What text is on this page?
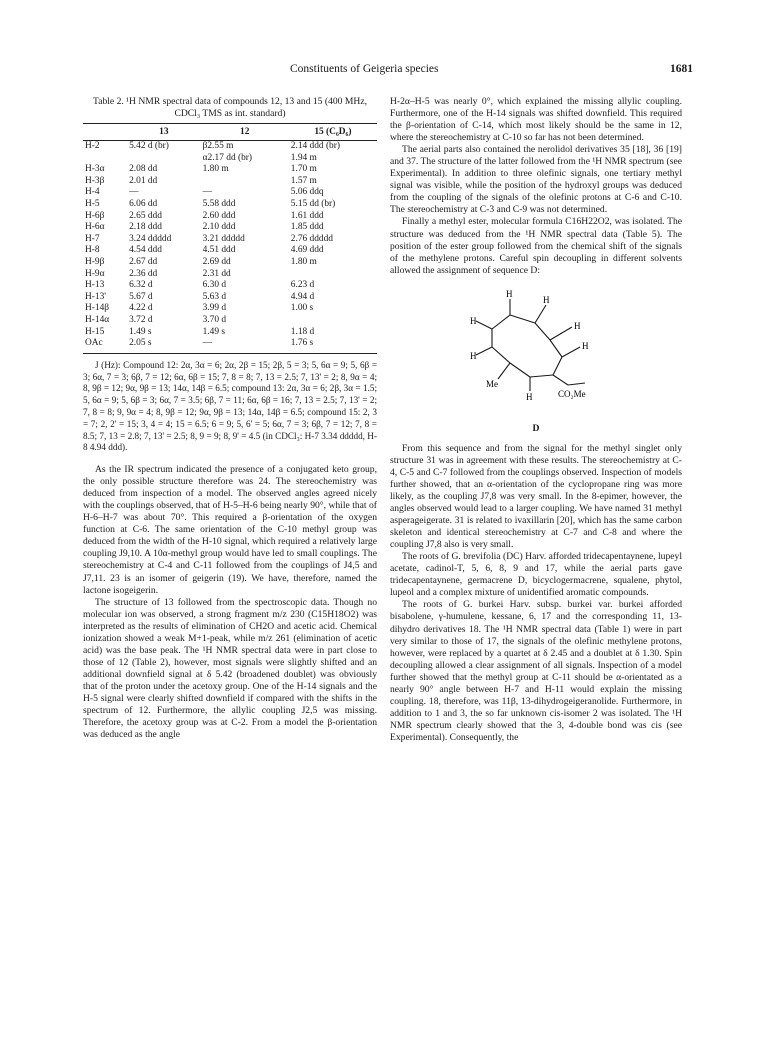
Constituents of Geigeria species	1681
Table 2. ¹H NMR spectral data of compounds 12, 13 and 15 (400 MHz, CDCl₃ TMS as int. standard)
	13	12	15 (C₆D₆)
H-2	5.42 d (br)	β2.55 m	2.14 ddd (br)
		α2.17 dd (br)	1.94 m
H-3α	2.08 dd	1.80 m	1.70 m
H-3β	2.01 dd		1.57 m
H-4	—	—	5.06 ddq
H-5	6.06 dd	5.58 ddd	5.15 dd (br)
H-6β	2.65 ddd	2.60 ddd	1.61 ddd
H-6α	2.18 ddd	2.10 ddd	1.85 ddd
H-7	3.24 ddddd	3.21 ddddd	2.76 ddddd
H-8	4.54 ddd	4.51 ddd	4.69 ddd
H-9β	2.67 dd	2.69 dd	1.80 m
H-9α	2.36 dd	2.31 dd	
H-13	6.32 d	6.30 d	6.23 d
H-13'	5.67 d	5.63 d	4.94 d
H-14β	4.22 d	3.99 d	1.00 s
H-14α	3.72 d	3.70 d	
H-15	1.49 s	1.49 s	1.18 d
OAc	2.05 s	—	1.76 s
J (Hz): Compound 12: 2α, 3α = 6; 2α, 2β = 15; 2β, 5 = 3; 5, 6α = 9; 5, 6β = 3; 6α, 7 = 3; 6β, 7 = 12; 6α, 6β = 15; 7, 8 = 8; 7, 13 = 2.5; 7, 13' = 2; 8, 9α = 4; 8, 9β = 12; 9α, 9β = 13; 14α, 14β = 6.5; compound 13: 2α, 3α = 6; 2β, 3α = 1.5; 5, 6α = 9; 5, 6β = 3; 6α, 7 = 3.5; 6β, 7 = 11; 6α, 6β = 16; 7, 13 = 2.5; 7, 13' = 2; 7, 8 = 8; 9, 9α = 4; 8, 9β = 12; 9α, 9β = 13; 14α, 14β = 6.5; compound 15: 2, 3 = 7; 2, 2' = 15; 3, 4 = 4; 15 = 6.5; 6 = 9; 5, 6' = 5; 6α, 7 = 3; 6β, 7 = 12; 7, 8 = 8.5; 7, 13 = 2.8; 7, 13' = 2.5; 8, 9 = 9; 8, 9' = 4.5 (in CDCl₃: H-7 3.34 ddddd, H-8 4.94 ddd).

As the IR spectrum indicated the presence of a conjugated keto group, the only possible structure therefore was 24. The stereochemistry was deduced from inspection of a model. The observed angles agreed nicely with the couplings observed, that of H-5–H-6 being nearly 90°, while that of H-6–H-7 was about 70°. This required a β-orientation of the oxygen function at C-6. The same orientation of the C-10 methyl group was deduced from the width of the H-10 signal, which required a relatively large coupling J9,10. A 10α-methyl group would have led to small couplings. The stereochemistry at C-4 and C-11 followed from the couplings of J4,5 and J7,11. 23 is an isomer of geigerin (19). We have, therefore, named the lactone isogeigerin.

The structure of 13 followed from the spectroscopic data. Though no molecular ion was observed, a strong fragment m/z 230 (C15H18O2) was interpreted as the results of elimination of CH2O and acetic acid. Chemical ionization showed a weak M+1-peak, while m/z 261 (elimination of acetic acid) was the base peak. The ¹H NMR spectral data were in part close to those of 12 (Table 2), however, most signals were slightly shifted and an additional downfield signal at δ 5.42 (broadened doublet) was obviously that of the proton under the acetoxy group. One of the H-14 signals and the H-5 signal were clearly shifted downfield if compared with the shifts in the spectrum of 12. Furthermore, the allylic coupling J2,5 was missing. Therefore, the acetoxy group was at C-2. From a model the β-orientation was deduced as the angle

H-2α–H-5 was nearly 0°, which explained the missing allylic coupling. Furthermore, one of the H-14 signals was shifted downfield. This required the β-orientation of C-14, which most likely should be the same in 12, where the stereochemistry at C-10 so far has not been determined.

The aerial parts also contained the nerolidol derivatives 35 [18], 36 [19] and 37. The structure of the latter followed from the ¹H NMR spectrum (see Experimental). In addition to three olefinic signals, one tertiary methyl signal was visible, while the position of the hydroxyl groups was deduced from the coupling of the signals of the olefinic protons at C-6 and C-10. The stereochemistry at C-3 and C-9 was not determined.

Finally a methyl ester, molecular formula C16H22O2, was isolated. The structure was deduced from the ¹H NMR spectral data (Table 5). The position of the ester group followed from the chemical shift of the signals of the methylene protons. Careful spin decoupling in different solvents allowed the assignment of sequence D:

H
H
H
H
H
H
Me
H	CO₂Me
D

From this sequence and from the signal for the methyl singlet only structure 31 was in agreement with these results. The stereochemistry at C-4, C-5 and C-7 followed from the couplings observed. Inspection of models further showed, that an α-orientation of the cyclopropane ring was more likely, as the coupling J7,8 was very small. In the 8-epimer, however, the angles observed would lead to a larger coupling. We have named 31 methyl asperageigerate. 31 is related to ivaxillarin [20], which has the same carbon skeleton and identical stereochemistry at C-7 and C-8 and where the coupling J7,8 also is very small.

The roots of G. brevifolia (DC) Harv. afforded tridecapentaynene, lupeyl acetate, cadinol-T, 5, 6, 8, 9 and 17, while the aerial parts gave tridecapentaynene, germacrene D, bicyclogermacrene, squalene, phytol, lupeol and a complex mixture of unidentified aromatic compounds.

The roots of G. burkei Harv. subsp. burkei var. burkei afforded bisabolene, γ-humulene, kessane, 6, 17 and the corresponding 11, 13-dihydro derivatives 18. The ¹H NMR spectral data (Table 1) were in part very similar to those of 17, the signals of the olefinic methylene protons, however, were replaced by a quartet at δ 2.45 and a doublet at δ 1.30. Spin decoupling allowed a clear assignment of all signals. Inspection of a model further showed that the methyl group at C-11 should be α-orientated as a nearly 90° angle between H-7 and H-11 would explain the missing coupling. 18, therefore, was 11β, 13-dihydrogeigeranolide. Furthermore, in addition to 1 and 3, the so far unknown cis-isomer 2 was isolated. The ¹H NMR spectrum clearly showed that the 3, 4-double bond was cis (see Experimental). Consequently, the
